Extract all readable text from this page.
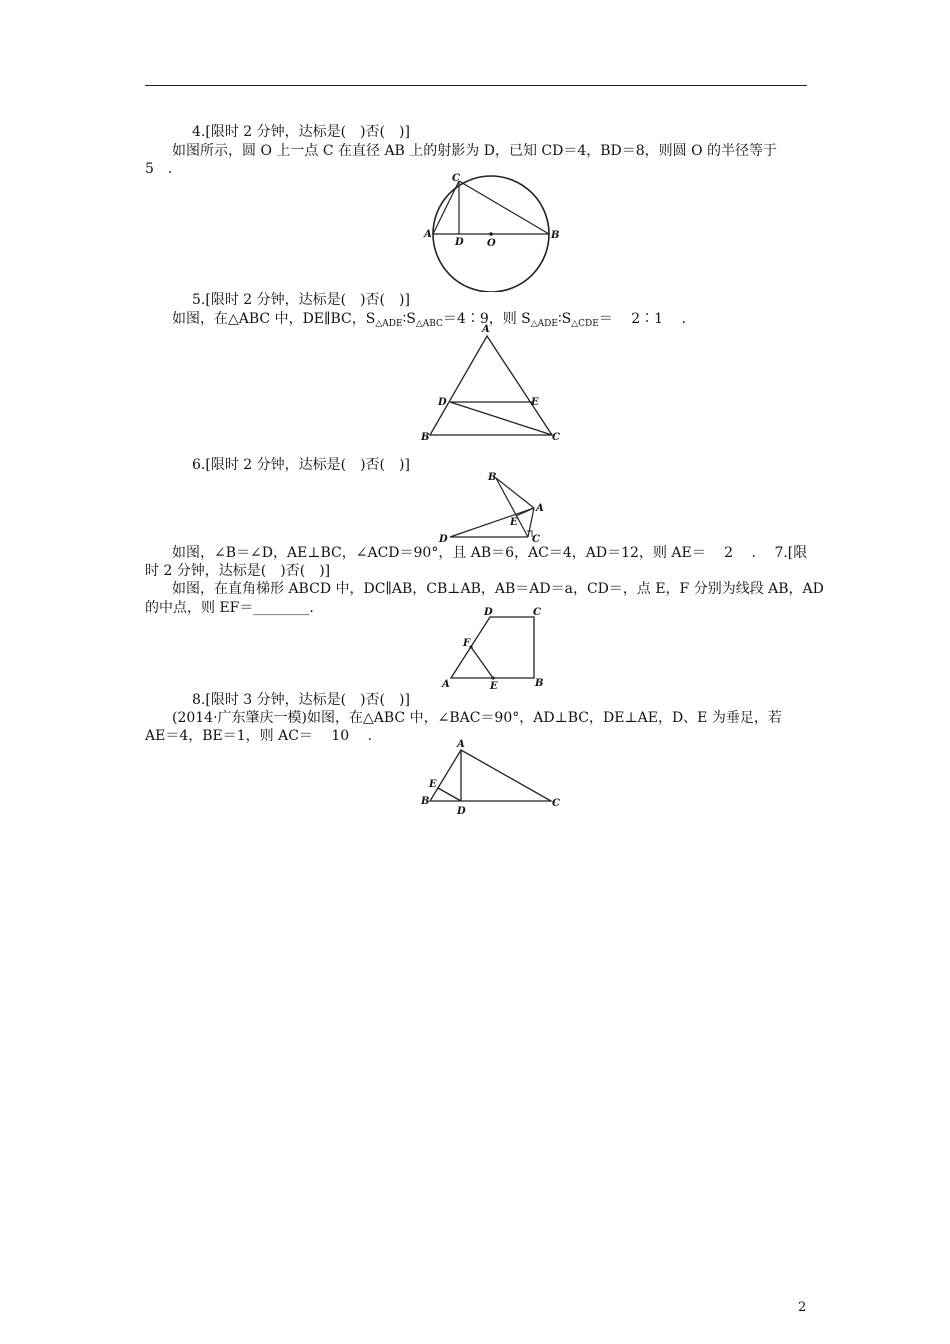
4.[限时 2 分钟，达标是(　)否(　)]
如图所示，圆 O 上一点 C 在直径 AB 上的射影为 D，已知 CD＝4，BD＝8，则圆 O 的半径等于
5　.
C
A	B
D O
5.[限时 2 分钟，达标是(　)否(　)]
如图，在△ABC 中，DE∥BC，$S_{\triangle ADE}∶S_{\triangle ABC}=4∶9$，则 $S_{\triangle ADE}∶S_{\triangle CDE}=$　 2∶1　 .
A
D	E
B	C
6.[限时 2 分钟，达标是(　)否(　)]
B
A
E
D	C
如图，∠B＝∠D，AE⊥BC，∠ACD＝90°，且 AB＝6，AC＝4，AD＝12，则 AE＝　 2　 .　 7.[限
时 2 分钟，达标是(　)否(　)]
如图，在直角梯形 ABCD 中，DC∥AB，CB⊥AB，AB＝AD＝a，CD＝，点 E，F 分别为线段 AB，AD
的中点，则 EF＝________.	D	C
F
A	E	B
8.[限时 3 分钟，达标是(　)否(　)]
(2014·广东肇庆一模)如图，在△ABC 中，∠BAC＝90°，AD⊥BC，DE⊥AE，D、E 为垂足，若
AE＝4，BE＝1，则 AC＝　 10　 .
A
E
B
D
C
2
